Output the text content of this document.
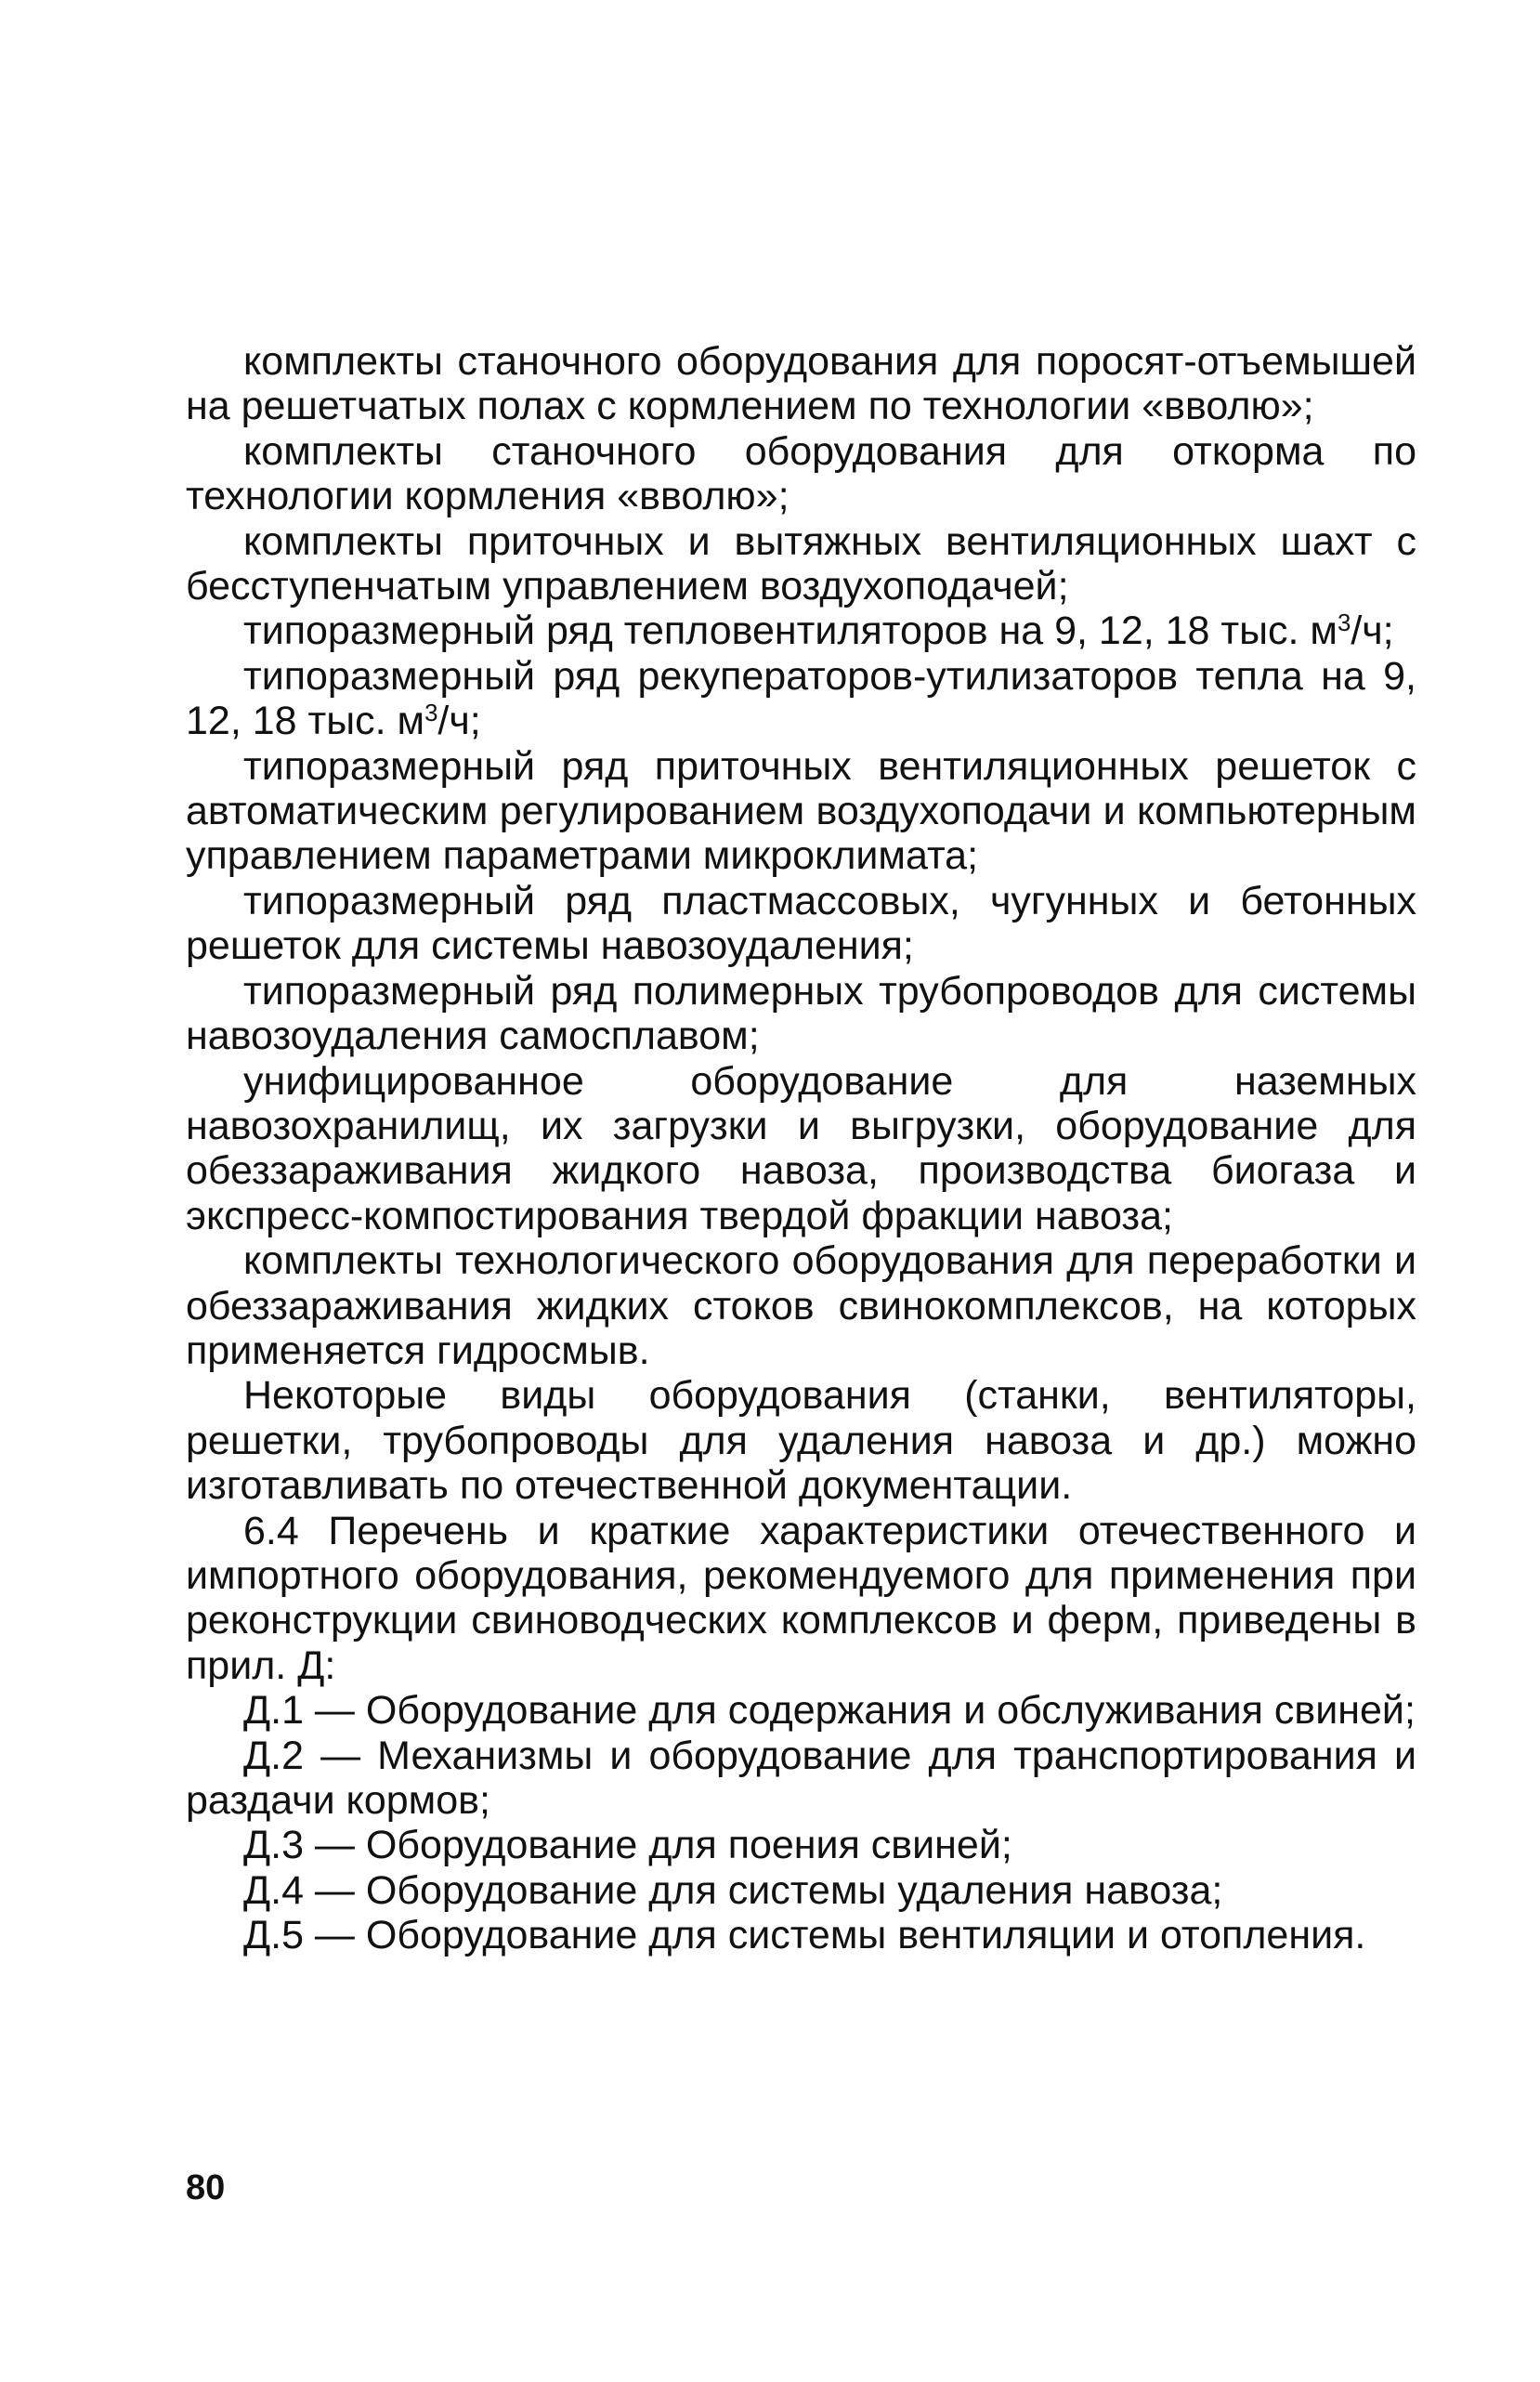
комплекты станочного оборудования для поросят-отъемышей на решетчатых полах с кормлением по технологии «вволю»;

комплекты станочного оборудования для откорма по технологии кормления «вволю»;

комплекты приточных и вытяжных вентиляционных шахт с бесступенчатым управлением воздухоподачей;

типоразмерный ряд тепловентиляторов на 9, 12, 18 тыс. $м^3/ч$;

типоразмерный ряд рекуператоров-утилизаторов тепла на 9, 12, 18 тыс. $м^3/ч$;

типоразмерный ряд приточных вентиляционных решеток с автоматическим регулированием воздухоподачи и компьютерным управлением параметрами микроклимата;

типоразмерный ряд пластмассовых, чугунных и бетонных решеток для системы навозоудаления;

типоразмерный ряд полимерных трубопроводов для системы навозоудаления самосплавом;

унифицированное оборудование для наземных навозохранилищ, их загрузки и выгрузки, оборудование для обеззараживания жидкого навоза, производства биогаза и экспресс-компостирования твердой фракции навоза;

комплекты технологического оборудования для переработки и обеззараживания жидких стоков свинокомплексов, на которых применяется гидросмыв.

Некоторые виды оборудования (станки, вентиляторы, решетки, трубопроводы для удаления навоза и др.) можно изготавливать по отечественной документации.

6.4 Перечень и краткие характеристики отечественного и импортного оборудования, рекомендуемого для применения при реконструкции свиноводческих комплексов и ферм, приведены в прил. Д:

Д.1 — Оборудование для содержания и обслуживания свиней;

Д.2 — Механизмы и оборудование для транспортирования и раздачи кормов;

Д.3 — Оборудование для поения свиней;

Д.4 — Оборудование для системы удаления навоза;

Д.5 — Оборудование для системы вентиляции и отопления.

80
